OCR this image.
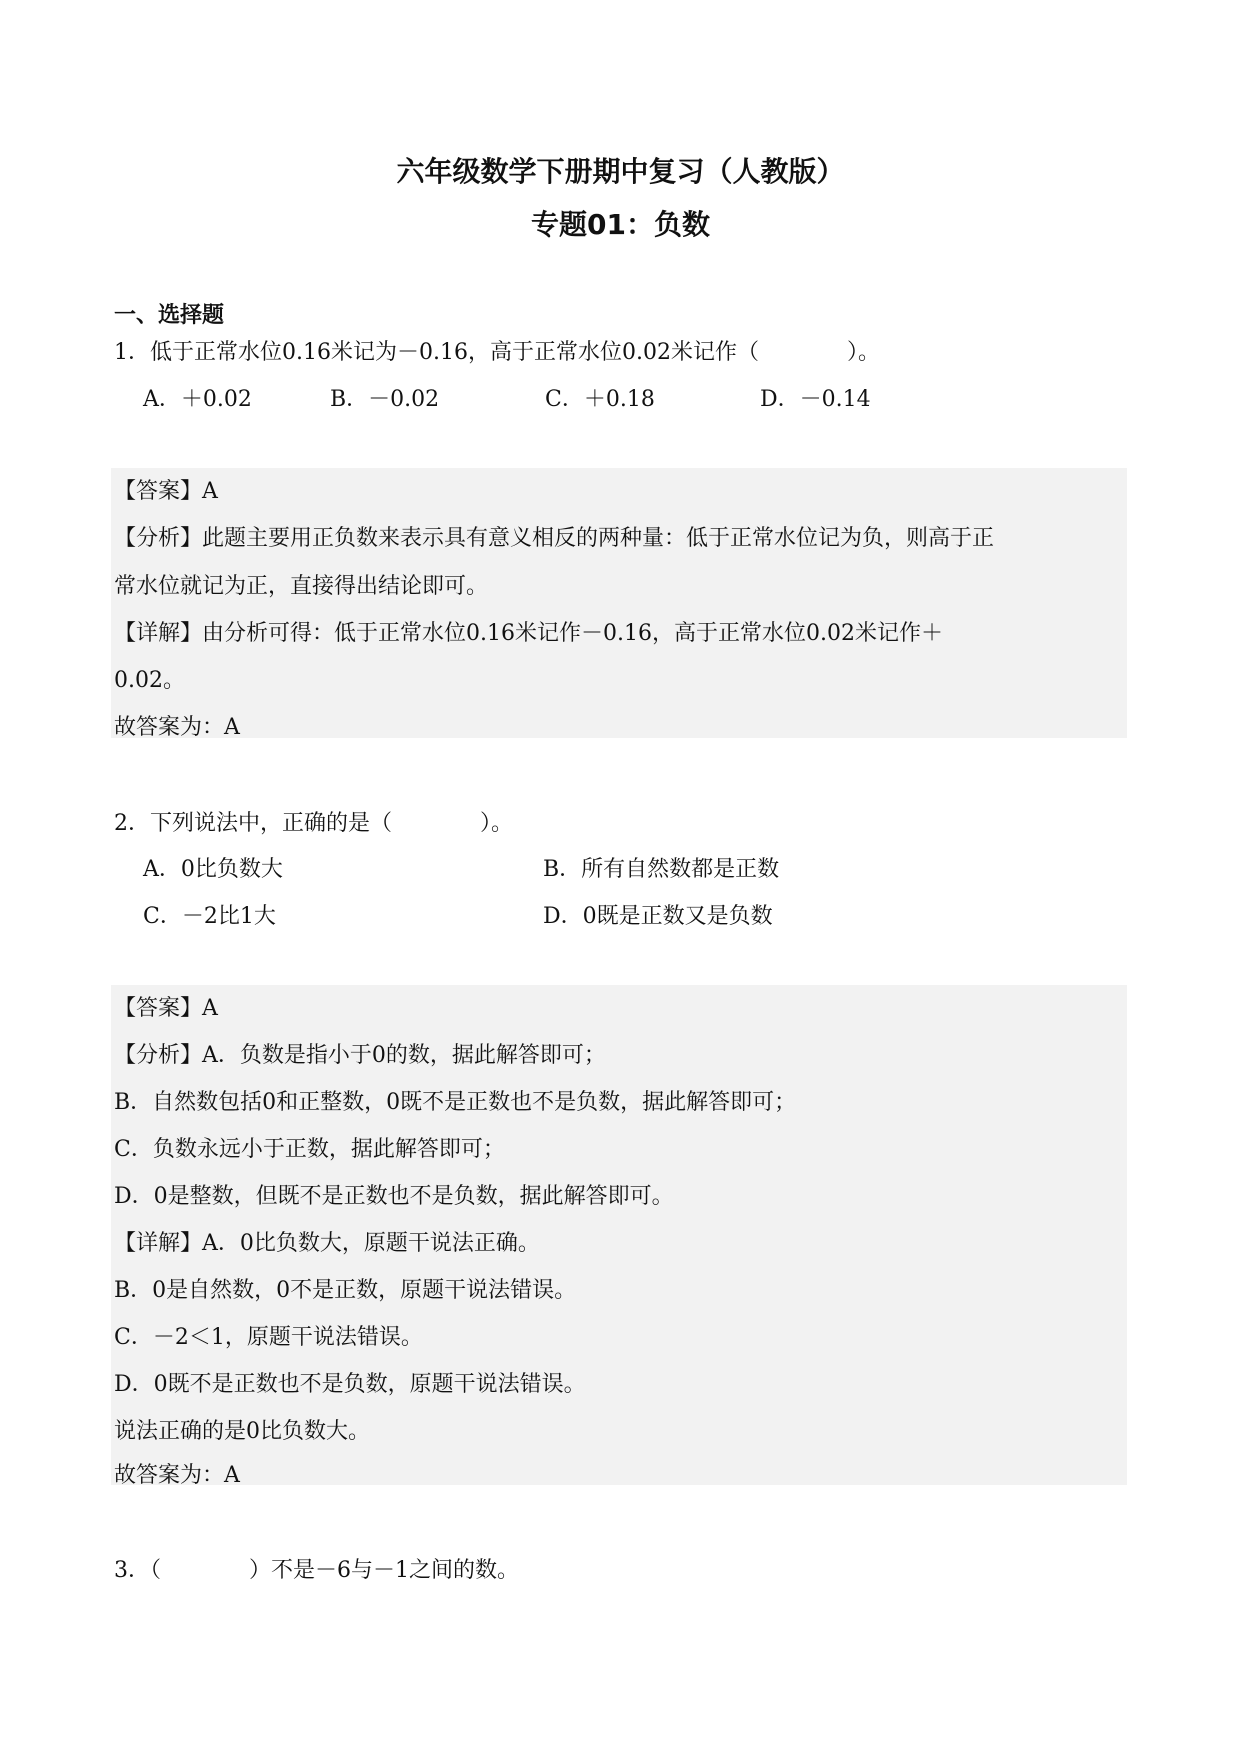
六年级数学下册期中复习（人教版）
专题01：负数
一、选择题
1．低于正常水位0.16米记为－0.16，高于正常水位0.02米记作（　　　　）。
A．＋0.02	B．－0.02	C．＋0.18	D．－0.14
【答案】A
【分析】此题主要用正负数来表示具有意义相反的两种量：低于正常水位记为负，则高于正
常水位就记为正，直接得出结论即可。
【详解】由分析可得：低于正常水位0.16米记作－0.16，高于正常水位0.02米记作＋
0.02。
故答案为：A
2．下列说法中，正确的是（　　　　）。
A．0比负数大	B．所有自然数都是正数
C．－2比1大	D．0既是正数又是负数
【答案】A
【分析】A．负数是指小于0的数，据此解答即可；
B．自然数包括0和正整数，0既不是正数也不是负数，据此解答即可；
C．负数永远小于正数，据此解答即可；
D．0是整数，但既不是正数也不是负数，据此解答即可。
【详解】A．0比负数大，原题干说法正确。
B．0是自然数，0不是正数，原题干说法错误。
C．－2＜1，原题干说法错误。
D．0既不是正数也不是负数，原题干说法错误。
说法正确的是0比负数大。
故答案为：A
3．（　　　　）不是－6与－1之间的数。
